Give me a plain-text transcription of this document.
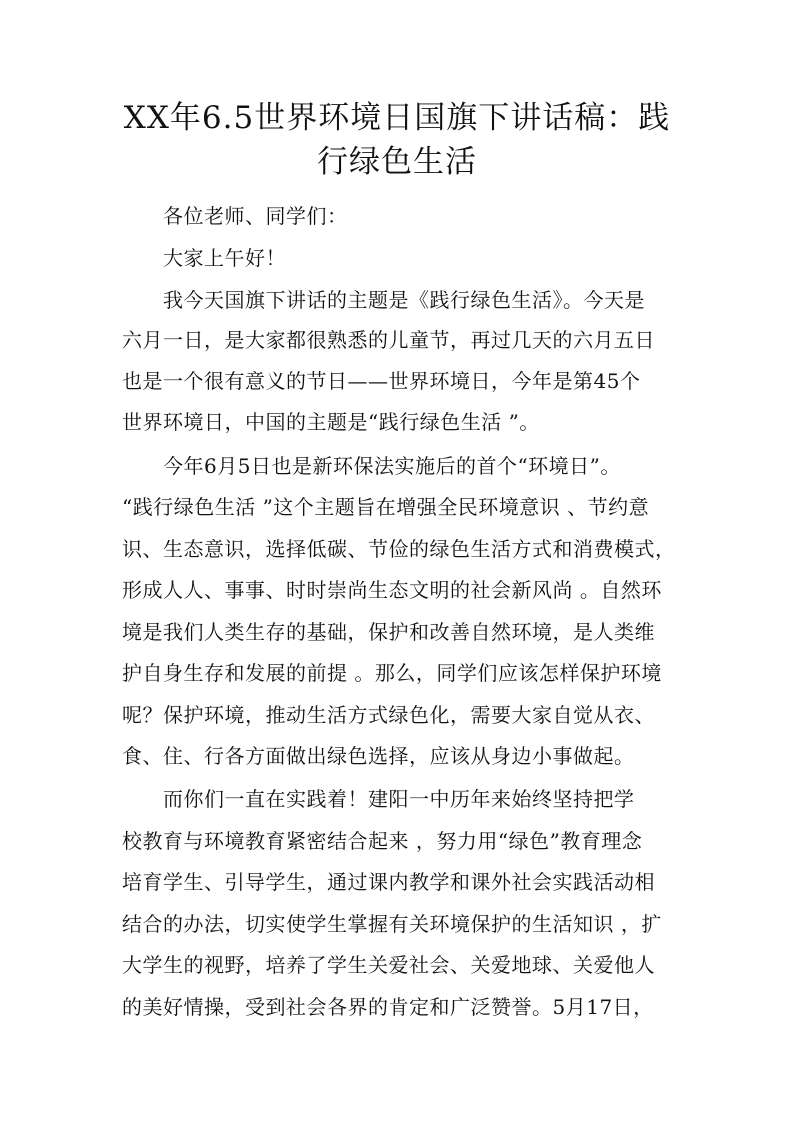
XX年6.5世界环境日国旗下讲话稿：践
行绿色生活
各位老师、同学们：
大家上午好！
我今天国旗下讲话的主题是《践行绿色生活》。今天是
六月一日，是大家都很熟悉的儿童节，再过几天的六月五日
也是一个很有意义的节日——世界环境日，今年是第45个
世界环境日，中国的主题是“践行绿色生活 ”。
今年6月5日也是新环保法实施后的首个“环境日”。
“践行绿色生活 ”这个主题旨在增强全民环境意识 、节约意
识、生态意识，选择低碳、节俭的绿色生活方式和消费模式，
形成人人、事事、时时崇尚生态文明的社会新风尚 。自然环
境是我们人类生存的基础，保护和改善自然环境，是人类维
护自身生存和发展的前提 。那么，同学们应该怎样保护环境
呢？保护环境，推动生活方式绿色化，需要大家自觉从衣、
食、住、行各方面做出绿色选择，应该从身边小事做起。
而你们一直在实践着！建阳一中历年来始终坚持把学
校教育与环境教育紧密结合起来 ，努力用“绿色”教育理念
培育学生、引导学生，通过课内教学和课外社会实践活动相
结合的办法，切实使学生掌握有关环境保护的生活知识 ，扩
大学生的视野，培养了学生关爱社会、关爱地球、关爱他人
的美好情操，受到社会各界的肯定和广泛赞誉。5月17日，
